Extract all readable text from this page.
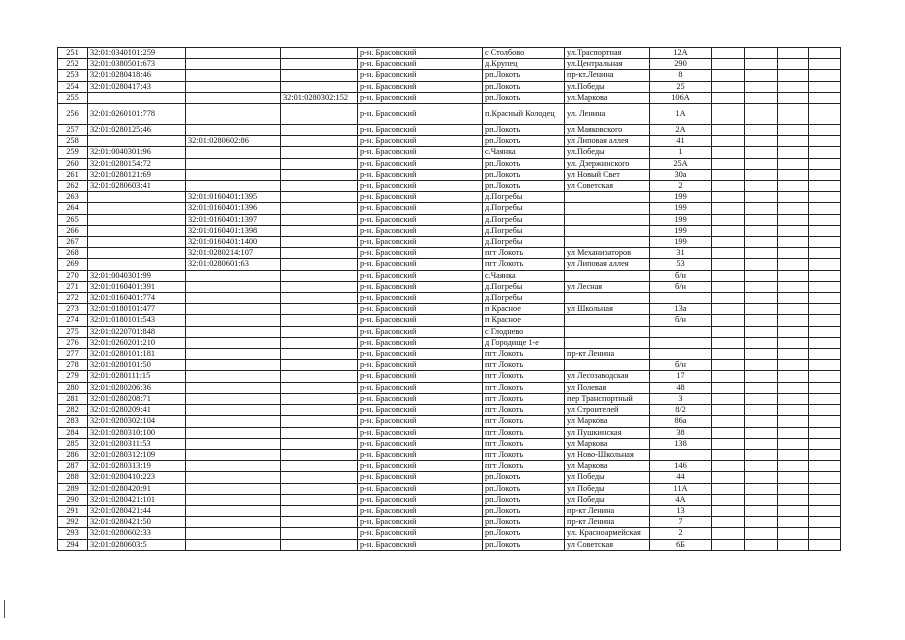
251	32:01:0340101:259			р-н. Брасовский	с Столбово	ул.Траспортная	12А				
252	32:01:0380501:673			р-н. Брасовский	д.Крупец	ул.Центральная	290				
253	32:01:0280418:46			р-н. Брасовский	рп.Локоть	пр-кт.Ленина	8				
254	32:01:0280417:43			р-н. Брасовский	рп.Локоть	ул.Победы	25				
255			32:01:0280302:152	р-н. Брасовский	рп.Локоть	ул.Маркова	106А				
256	32:01:0260101:778			р-н. Брасовский	п.Красный Колодец	ул. Ленина	1А				
257	32:01:0280125:46			р-н. Брасовский	рп.Локоть	ул Маяковского	2А				
258		32:01:0280602:86		р-н. Брасовский	рп.Локоть	ул Липовая аллея	41				
259	32:01:0040301:96			р-н. Брасовский	с.Чаянка	ул.Победы	1				
260	32:01:0280154:72			р-н. Брасовский	рп.Локоть	ул. Дзержинского	25А				
261	32:01:0280121:69			р-н. Брасовский	рп.Локоть	ул Новый Свет	30а				
262	32:01:0280603:41			р-н. Брасовский	рп.Локоть	ул Советская	2				
263		32:01:0160401:1395		р-н. Брасовский	д.Погребы		199				
264		32:01:0160401:1396		р-н. Брасовский	д.Погребы		199				
265		32:01:0160401:1397		р-н. Брасовский	д.Погребы		199				
266		32:01:0160401:1398		р-н. Брасовский	д.Погребы		199				
267		32:01:0160401:1400		р-н. Брасовский	д.Погребы		199				
268		32:01:0280214:107		р-н. Брасовский	пгт Локоть	ул Механизаторов	31				
269		32:01:0280601:63		р-н. Брасовский	пгт Локоть	ул Липовая аллея	53				
270	32:01:0040301:99			р-н. Брасовский	с.Чаянка		б/н				
271	32:01:0160401:391			р-н. Брасовский	д.Погребы	ул Лесная	б/н				
272	32:01:0160401:774			р-н. Брасовский	д.Погребы						
273	32:01:0180101:477			р-н. Брасовский	п Красное	ул Школьная	13а				
274	32:01:0180101:543			р-н. Брасовский	п Красное		б/н				
275	32:01:0220701:848			р-н. Брасовский	с Глоднево						
276	32:01:0260201:210			р-н. Брасовский	д Городище 1-е						
277	32:01:0280101:181			р-н. Брасовский	пгт Локоть	пр-кт Ленина					
278	32:01:0280101:50			р-н. Брасовский	пгт Локоть		б/н				
279	32:01:0280111:15			р-н. Брасовский	пгт Локоть	ул Лесозаводская	17				
280	32:01:0280206:36			р-н. Брасовский	пгт Локоть	ул Полевая	48				
281	32:01:0280208:71			р-н. Брасовский	пгт Локоть	пер Транспортный	3				
282	32:01:0280209:41			р-н. Брасовский	пгт Локоть	ул Строителей	8/2				
283	32:01:0280302:104			р-н. Брасовский	пгт Локоть	ул Маркова	86а				
284	32:01:0280310:100			р-н. Брасовский	пгт Локоть	ул Пушкинская	38				
285	32:01:0280311:53			р-н. Брасовский	пгт Локоть	ул Маркова	138				
286	32:01:0280312:109			р-н. Брасовский	пгт Локоть	ул Ново-Школьная					
287	32:01:0280313:19			р-н. Брасовский	пгт Локоть	ул Маркова	146				
288	32:01:0280410:223			р-н. Брасовский	рп.Локоть	ул Победы	44				
289	32:01:0280420:91			р-н. Брасовский	рп.Локоть	ул Победы	11А				
290	32:01:0280421:101			р-н. Брасовский	рп.Локоть	ул Победы	4А				
291	32:01:0280421:44			р-н. Брасовский	рп.Локоть	пр-кт Ленина	13				
292	32:01:0280421:50			р-н. Брасовский	рп.Локоть	пр-кт Ленина	7				
293	32:01:0280602:33			р-н. Брасовский	рп.Локоть	ул. Красноармейская	2				
294	32:01:0280603:5			р-н. Брасовский	рп.Локоть	ул Советская	6Б				
